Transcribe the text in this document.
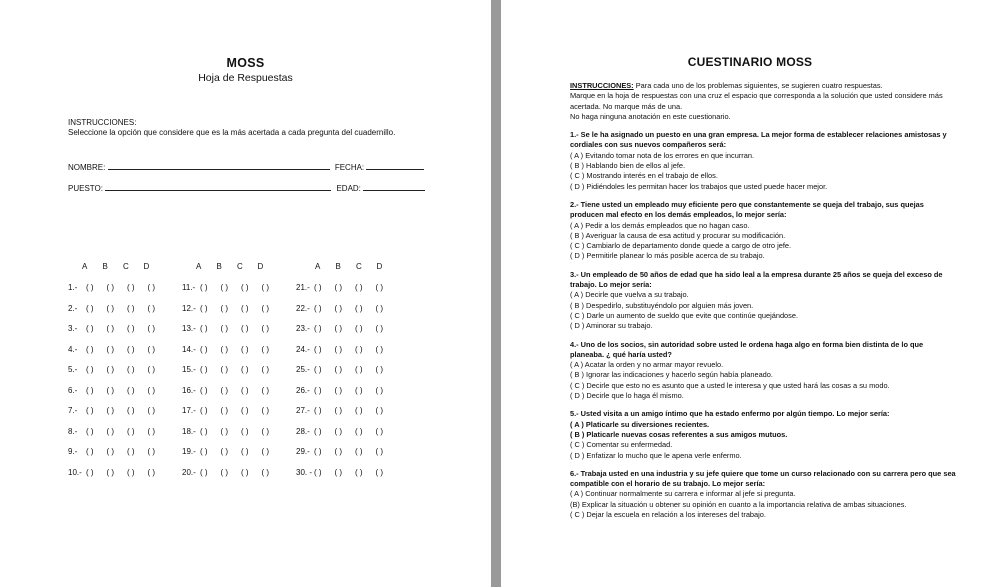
MOSS
Hoja de Respuestas
INSTRUCCIONES:
Seleccione la opción que considere que es la más acertada a cada pregunta del cuadernillo.
NOMBRE:	FECHA:
PUESTO:	EDAD:
1.- ( ) ( ) ( ) ( )
2.- ( ) ( ) ( ) ( )
3.- ( ) ( ) ( ) ( )
4.- ( ) ( ) ( ) ( )
5.- ( ) ( ) ( ) ( )
6.- ( ) ( ) ( ) ( )
7.- ( ) ( ) ( ) ( )
8.- ( ) ( ) ( ) ( )
9.- ( ) ( ) ( ) ( )
10.- ( ) ( ) ( ) ( )
11.- ( ) ( ) ( ) ( )
12.- ( ) ( ) ( ) ( )
13.- ( ) ( ) ( ) ( )
14.- ( ) ( ) ( ) ( )
15.- ( ) ( ) ( ) ( )
16.- ( ) ( ) ( ) ( )
17.- ( ) ( ) ( ) ( )
18.- ( ) ( ) ( ) ( )
19.- ( ) ( ) ( ) ( )
20.- ( ) ( ) ( ) ( )
21.- ( ) ( ) ( ) ( )
22.- ( ) ( ) ( ) ( )
23.- ( ) ( ) ( ) ( )
24.- ( ) ( ) ( ) ( )
25.- ( ) ( ) ( ) ( )
26.- ( ) ( ) ( ) ( )
27.- ( ) ( ) ( ) ( )
28.- ( ) ( ) ( ) ( )
29.- ( ) ( ) ( ) ( )
30. - ( ) ( ) ( ) ( )
A B C D	A B C D	A B C D
CUESTINARIO MOSS

INSTRUCCIONES: Para cada uno de los problemas siguientes, se sugieren cuatro respuestas.

Marque en la hoja de respuestas con una cruz el espacio que corresponda a la solución que usted considere más acertada. No marque más de una.

No haga ninguna anotación en este cuestionario.

1.- Se le ha asignado un puesto en una gran empresa. La mejor forma de establecer relaciones amistosas y cordiales con sus nuevos compañeros será:

( A ) Evitando tomar nota de los errores en que incurran.

( B ) Hablando bien de ellos al jefe.

( C ) Mostrando interés en el trabajo de ellos.

( D ) Pidiéndoles les permitan hacer los trabajos que usted puede hacer mejor.

2.- Tiene usted un empleado muy eficiente pero que constantemente se queja del trabajo, sus quejas producen mal efecto en los demás empleados, lo mejor sería:

( A ) Pedir a los demás empleados que no hagan caso.

( B ) Averiguar la causa de esa actitud y procurar su modificación.

( C ) Cambiarlo de departamento donde quede a cargo de otro jefe.

( D ) Permitirle planear lo más posible acerca de su trabajo.

3.- Un empleado de 50 años de edad que ha sido leal a la empresa durante 25 años se queja del exceso de trabajo. Lo mejor sería:

( A ) Decirle que vuelva a su trabajo.

( B ) Despedirlo, substituyéndolo por alguien más joven.

( C ) Darle un aumento de sueldo que evite que continúe quejándose.

( D ) Aminorar su trabajo.

4.- Uno de los socios, sin autoridad sobre usted le ordena haga algo en forma bien distinta de lo que planeaba. ¿ qué haría usted?

( A ) Acatar la orden y no armar mayor revuelo.

( B ) Ignorar las indicaciones y hacerlo según había planeado.

( C ) Decirle que esto no es asunto que a usted le interesa y que usted hará las cosas a su modo.

( D ) Decirle que lo haga él mismo.

5.- Usted visita a un amigo íntimo que ha estado enfermo por algún tiempo. Lo mejor sería:

( A ) Platicarle su diversiones recientes.

( B ) Platicarle nuevas cosas referentes a sus amigos mutuos.

( C ) Comentar su enfermedad.

( D ) Enfatizar lo mucho que le apena verle enfermo.

6.- Trabaja usted en una industria y su jefe quiere que tome un curso relacionado con su carrera pero que sea compatible con el horario de su trabajo. Lo mejor sería:

( A ) Continuar normalmente su carrera e informar al jefe si pregunta.

(B) Explicar la situación u obtener su opinión en cuanto a la importancia relativa de ambas situaciones.

( C ) Dejar la escuela en relación a los intereses del trabajo.
